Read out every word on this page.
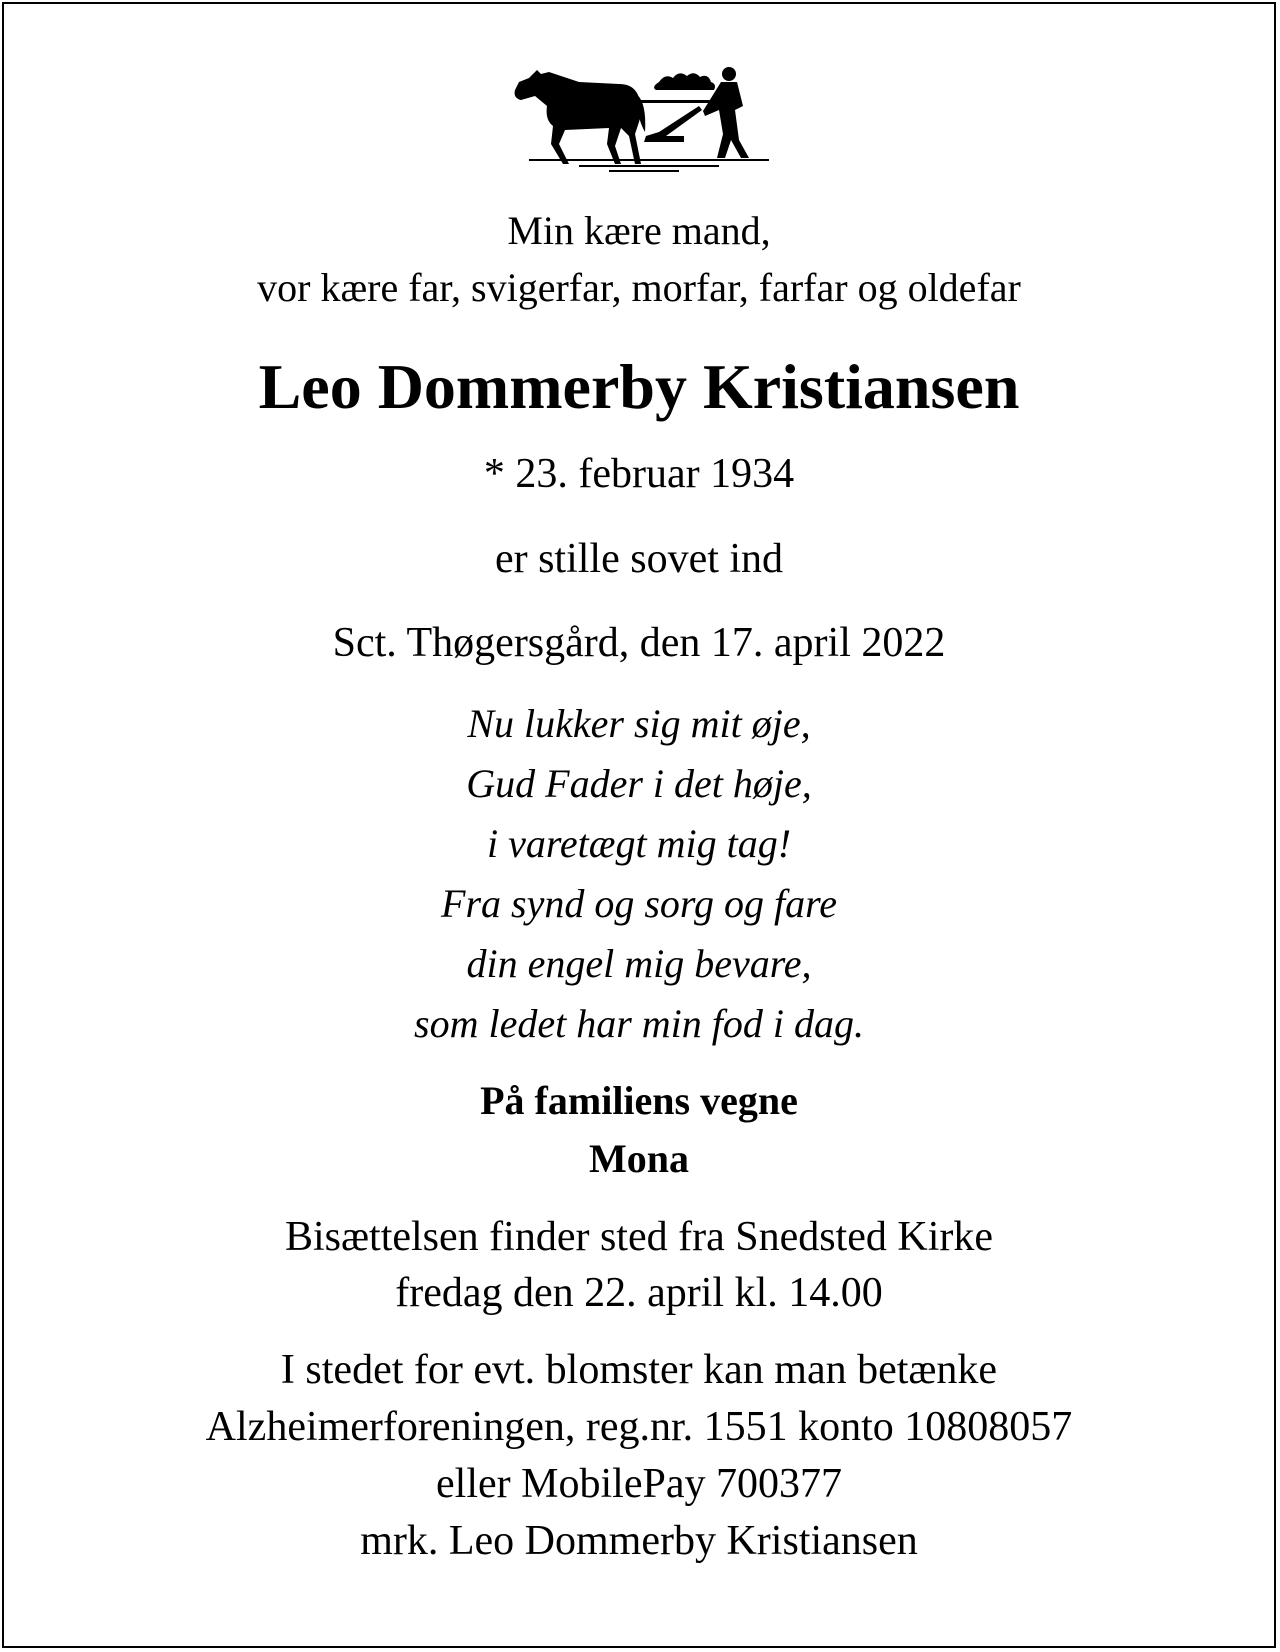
Min kære mand,
vor kære far, svigerfar, morfar, farfar og oldefar
Leo Dommerby Kristiansen
* 23. februar 1934
er stille sovet ind
Sct. Thøgersgård, den 17. april 2022
Nu lukker sig mit øje,
Gud Fader i det høje,
i varetægt mig tag!
Fra synd og sorg og fare
din engel mig bevare,
som ledet har min fod i dag.
På familiens vegne
Mona
Bisættelsen finder sted fra Snedsted Kirke
fredag den 22. april kl. 14.00
I stedet for evt. blomster kan man betænke
Alzheimerforeningen, reg.nr. 1551 konto 10808057
eller MobilePay 700377
mrk. Leo Dommerby Kristiansen
